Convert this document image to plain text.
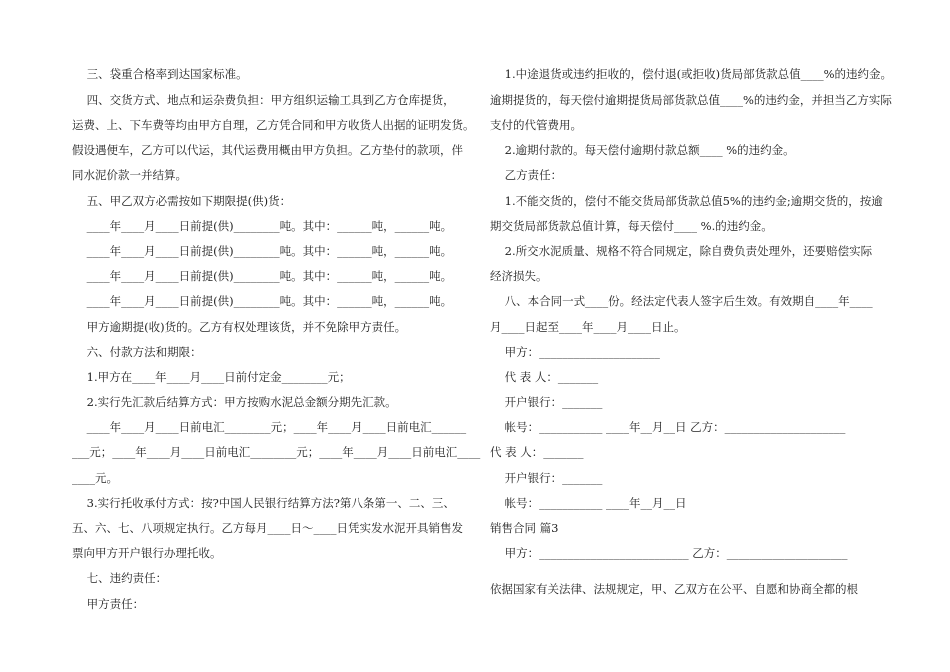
三、袋重合格率到达国家标准。
四、交货方式、地点和运杂费负担：甲方组织运输工具到乙方仓库提货，
运费、上、下车费等均由甲方自理，乙方凭合同和甲方收货人出据的证明发货。
假设遇便车，乙方可以代运，其代运费用概由甲方负担。乙方垫付的款项，伴
同水泥价款一并结算。
五、甲乙双方必需按如下期限提(供)货：
____年____月____日前提(供)________吨。其中：______吨，______吨。
____年____月____日前提(供)________吨。其中：______吨，______吨。
____年____月____日前提(供)________吨。其中：______吨，______吨。
____年____月____日前提(供)________吨。其中：______吨，______吨。
甲方逾期提(收)货的。乙方有权处理该货，并不免除甲方责任。
六、付款方法和期限：
1.甲方在____年____月____日前付定金________元；
2.实行先汇款后结算方式：甲方按购水泥总金额分期先汇款。
____年____月____日前电汇________元；____年____月____日前电汇______
___元；____年____月____日前电汇________元；____年____月____日前电汇____
____元。
3.实行托收承付方式：按?中国人民银行结算方法?第八条第一、二、三、
五、六、七、八项规定执行。乙方每月____日～____日凭实发水泥开具销售发
票向甲方开户银行办理托收。
七、违约责任：
甲方责任：
1.中途退货或违约拒收的，偿付退(或拒收)货局部货款总值____%的违约金。
逾期提货的，每天偿付逾期提货局部货款总值____%的违约金，并担当乙方实际
支付的代管费用。
2.逾期付款的。每天偿付逾期付款总额____ %的违约金。
乙方责任：
1.不能交货的，偿付不能交货局部货款总值5%的违约金;逾期交货的，按逾
期交货局部货款总值计算，每天偿付____ %.的违约金。
2.所交水泥质量、规格不符合同规定，除自费负责处理外，还要赔偿实际
经济损失。
八、本合同一式____份。经法定代表人签字后生效。有效期自____年____
月____日起至____年____月____日止。
甲方：_____________________
代 表 人：_______
开户银行：_______
帐号：___________ ____年__月__日 乙方：_____________________
代 表 人：_______
开户银行：_______
帐号：___________ ____年__月__日
销售合同 篇3
甲方：__________________________ 乙方：_____________________
依据国家有关法律、法规规定，甲、乙双方在公平、自愿和协商全都的根
